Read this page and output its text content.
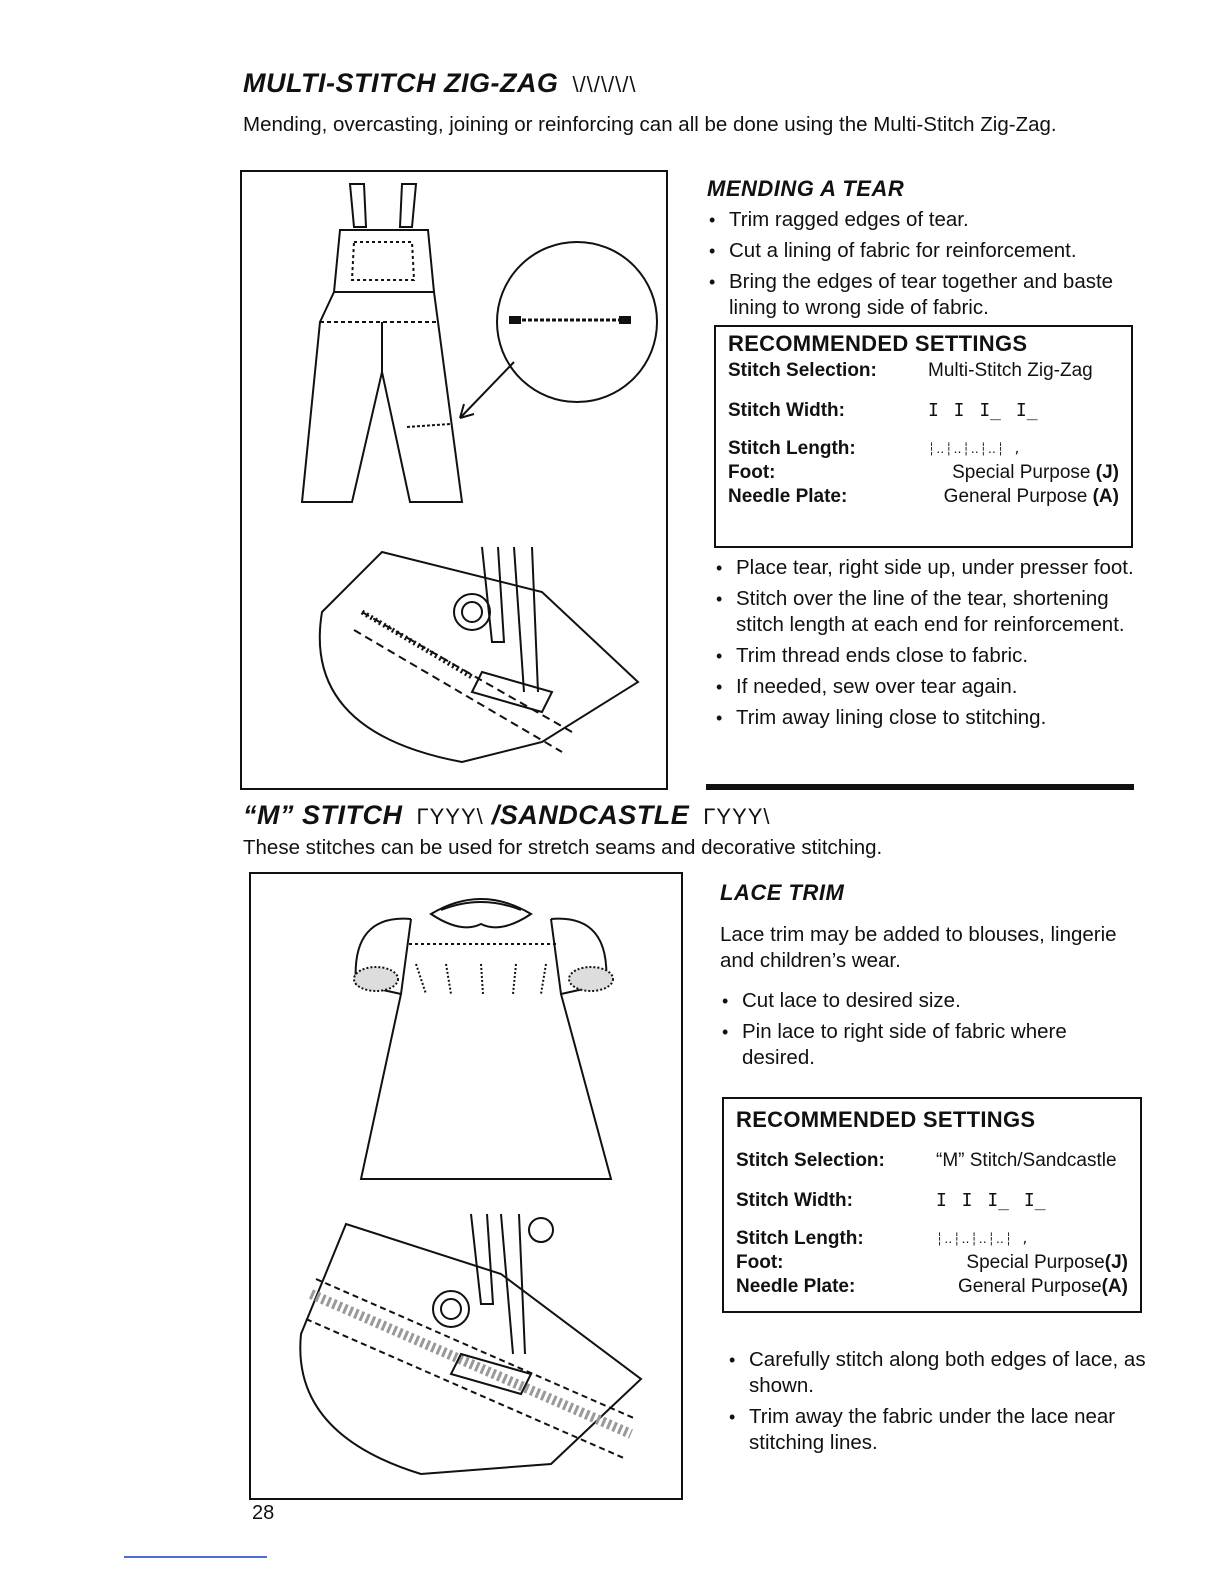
MULTI-STITCH ZIG-ZAG \/\/\/\/\
Mending, overcasting, joining or reinforcing can all be done using the Multi-Stitch Zig-Zag.
MENDING A TEAR
• Trim ragged edges of tear.
• Cut a lining of fabric for reinforcement.
• Bring the edges of tear together and baste lining to wrong side of fabric.
RECOMMENDED SETTINGS
Stitch Selection:	Multi-Stitch Zig-Zag
Stitch Width:	I I I̲ I̲
Stitch Length:	┆‥┆‥┆‥┆‥┆ ,
Foot:	Special Purpose (J)
Needle Plate:	General Purpose (A)
• Place tear, right side up, under presser foot.
• Stitch over the line of the tear, shortening stitch length at each end for reinforcement.
• Trim thread ends close to fabric.
• If needed, sew over tear again.
• Trim away lining close to stitching.
“M” STITCH ΓΥΥΥ\ /SANDCASTLE ΓΥΥΥ\
These stitches can be used for stretch seams and decorative stitching.
28
LACE TRIM
Lace trim may be added to blouses, lingerie and children’s wear.
• Cut lace to desired size.
• Pin lace to right side of fabric where desired.
RECOMMENDED SETTINGS
Stitch Selection:	“M” Stitch/Sandcastle
Stitch Width:	I I I̲ I̲
Stitch Length:	┆‥┆‥┆‥┆‥┆ ,
Foot:	Special Purpose(J)
Needle Plate:	General Purpose(A)
• Carefully stitch along both edges of lace, as shown.
• Trim away the fabric under the lace near stitching lines.
